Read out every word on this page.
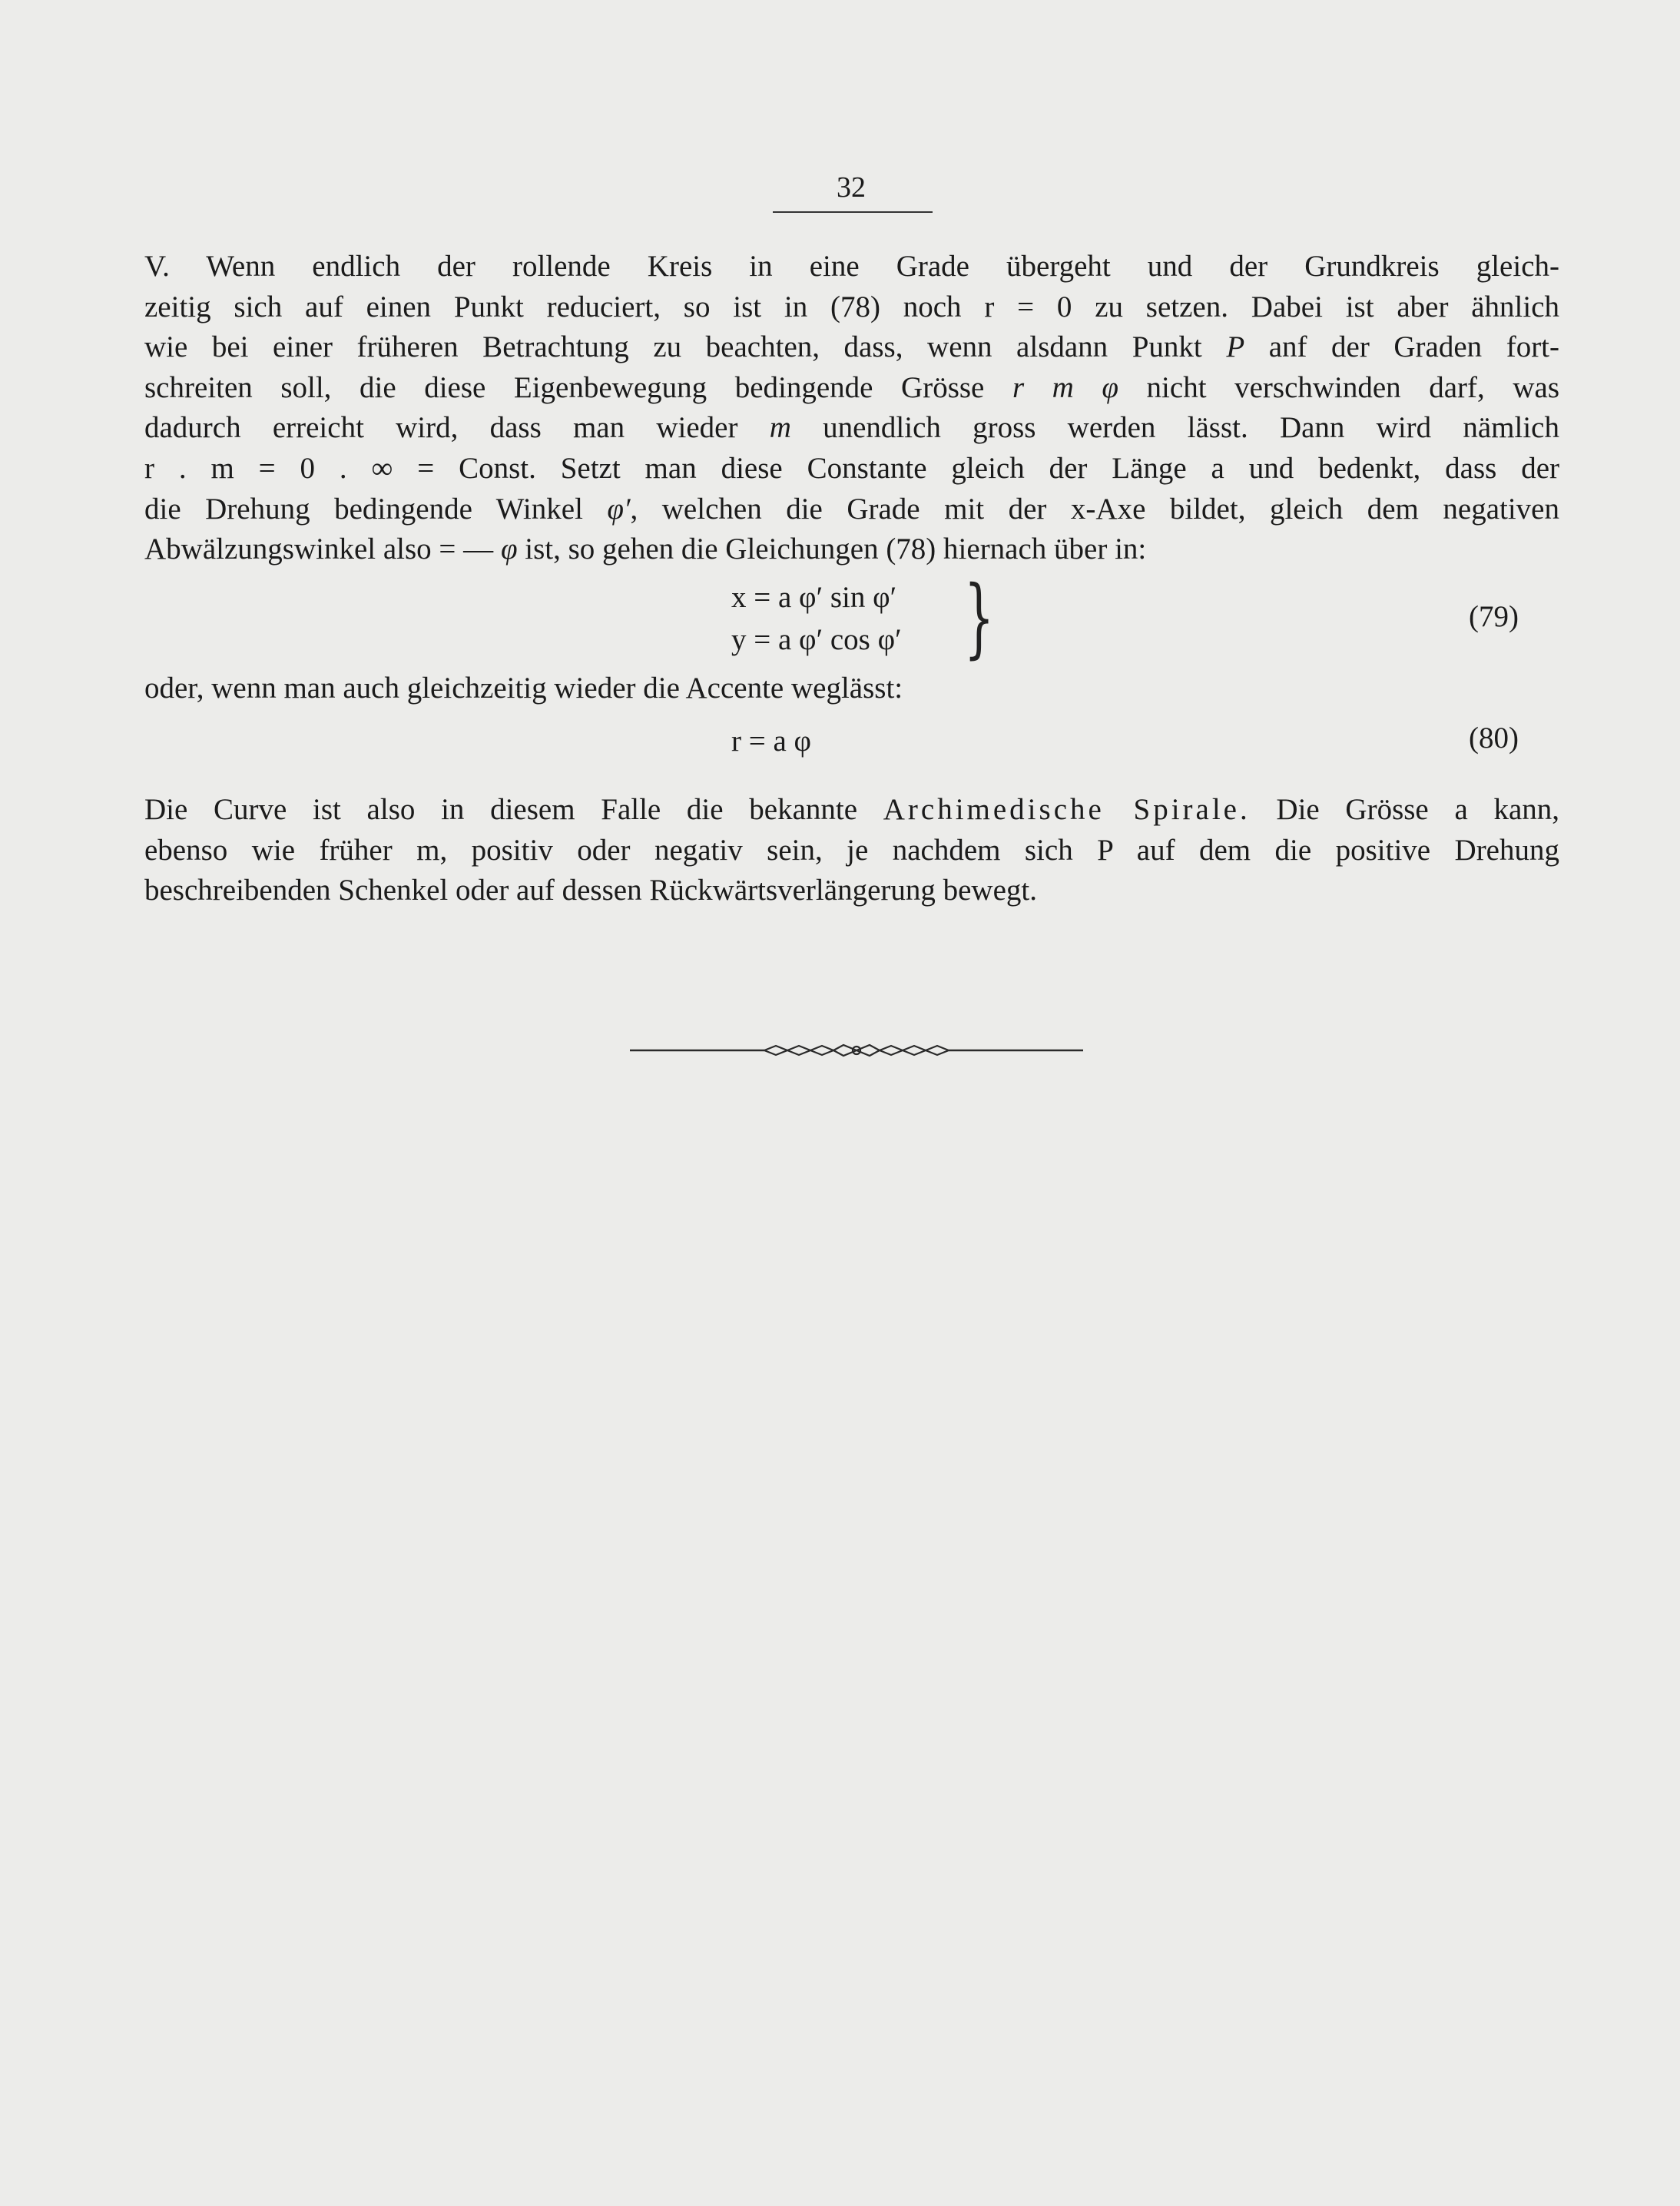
32
V. Wenn endlich der rollende Kreis in eine Grade übergeht und der Grundkreis gleich-
zeitig sich auf einen Punkt reduciert, so ist in (78) noch r = 0 zu setzen. Dabei ist aber ähnlich
wie bei einer früheren Betrachtung zu beachten, dass, wenn alsdann Punkt P anf der Graden fort-
schreiten soll, die diese Eigenbewegung bedingende Grösse r m φ nicht verschwinden darf, was
dadurch erreicht wird, dass man wieder m unendlich gross werden lässt. Dann wird nämlich
r . m = 0 . ∞ = Const. Setzt man diese Constante gleich der Länge a und bedenkt, dass der
die Drehung bedingende Winkel φ′, welchen die Grade mit der x-Axe bildet, gleich dem negativen
Abwälzungswinkel also = — φ ist, so gehen die Gleichungen (78) hiernach über in:
x = a φ′ sin φ′
y = a φ′ cos φ′ }	(79)
oder, wenn man auch gleichzeitig wieder die Accente weglässt:
r = a φ	(80)
Die Curve ist also in diesem Falle die bekannte Archimedische Spirale. Die Grösse a kann,
ebenso wie früher m, positiv oder negativ sein, je nachdem sich P auf dem die positive Drehung
beschreibenden Schenkel oder auf dessen Rückwärtsverlängerung bewegt.
